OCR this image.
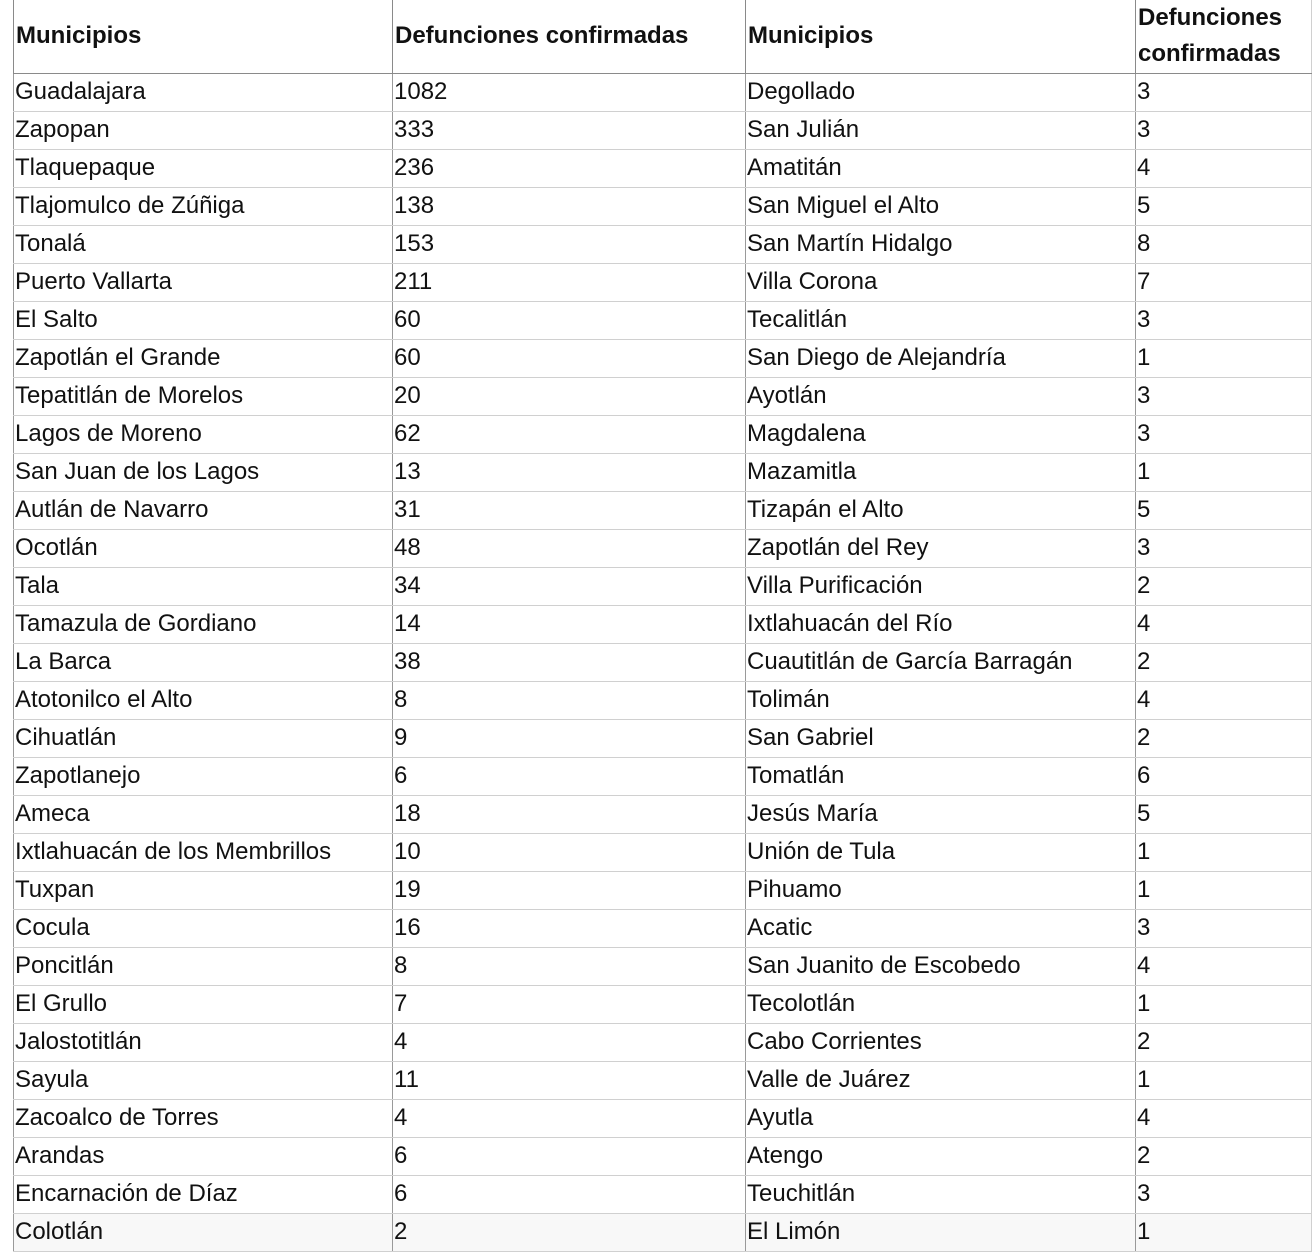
Municipios	Defunciones confirmadas	Municipios	Defunciones confirmadas
Guadalajara	1082	Degollado	3
Zapopan	333	San Julián	3
Tlaquepaque	236	Amatitán	4
Tlajomulco de Zúñiga	138	San Miguel el Alto	5
Tonalá	153	San Martín Hidalgo	8
Puerto Vallarta	211	Villa Corona	7
El Salto	60	Tecalitlán	3
Zapotlán el Grande	60	San Diego de Alejandría	1
Tepatitlán de Morelos	20	Ayotlán	3
Lagos de Moreno	62	Magdalena	3
San Juan de los Lagos	13	Mazamitla	1
Autlán de Navarro	31	Tizapán el Alto	5
Ocotlán	48	Zapotlán del Rey	3
Tala	34	Villa Purificación	2
Tamazula de Gordiano	14	Ixtlahuacán del Río	4
La Barca	38	Cuautitlán de García Barragán	2
Atotonilco el Alto	8	Tolimán	4
Cihuatlán	9	San Gabriel	2
Zapotlanejo	6	Tomatlán	6
Ameca	18	Jesús María	5
Ixtlahuacán de los Membrillos	10	Unión de Tula	1
Tuxpan	19	Pihuamo	1
Cocula	16	Acatic	3
Poncitlán	8	San Juanito de Escobedo	4
El Grullo	7	Tecolotlán	1
Jalostotitlán	4	Cabo Corrientes	2
Sayula	11	Valle de Juárez	1
Zacoalco de Torres	4	Ayutla	4
Arandas	6	Atengo	2
Encarnación de Díaz	6	Teuchitlán	3
Colotlán	2	El Limón	1
